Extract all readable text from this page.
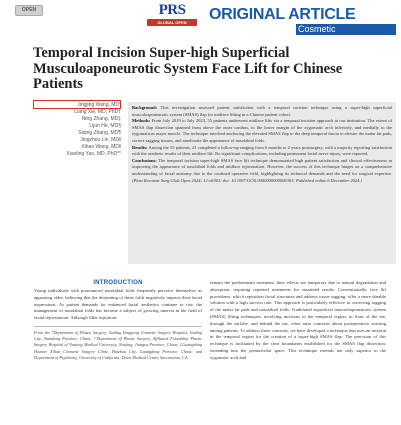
OPEN	PRS
GLOBAL OPEN	ORIGINAL ARTICLE
Cosmetic
Temporal Incision Super-high Superficial Musculoaponeurotic System Face Lift for Chinese Patients
Jingjing Wang, MD*
Liang Xie, MD, PhD†
Ning Zhang, MD‡
Lijun He, MD§
Siqing Zhang, MD¶
Jingzhou Lin, MD‖
Xihao Wang, MD‖
Xiaoling Yao, MD, PhD**
Background: This investigation assessed patient satisfaction with a temporal incision technique using a super-high superficial musculoaponeurotic system (SMAS) flap for midface lifting in a Chinese patient cohort.
Methods: From July 2019 to July 2023, 55 patients underwent midface lifts via a temporal incision approach at our institution. The extent of SMAS flap dissection spanned from above the outer canthus, to the lower margin of the zygomatic arch inferiorly, and medially to the zygomaticus major muscle. The technique involved anchoring the elevated SMAS flap to the deep temporal fascia to elevate the malar fat pads, correct sagging tissues, and ameliorate the appearance of nasolabial folds.
Results: Among the 55 patients, 41 completed a follow-up ranging from 6 months to 2 years postsurgery, with a majority reporting satisfaction with the aesthetic results of their midface lift. No significant complications, including permanent facial nerve injury, were reported.
Conclusions: The temporal incision super-high SMAS face lift technique demonstrated high patient satisfaction and clinical effectiveness in improving the appearance of nasolabial folds and midface rejuvenation. However, the success of this technique hinges on a comprehensive understanding of facial anatomy due to the confined operative field, highlighting its technical demands and the need for surgical expertise. (Plast Reconstr Surg Glob Open 2024; 12:e6363; doi: 10.1097/GOX.0000000000006363; Published online 6 December 2024.)
INTRODUCTION

Young individuals with pronounced nasolabial folds frequently perceive themselves as appearing older, believing that the deepening of these folds negatively impacts their facial expressions. As patient demands for enhanced facial aesthetics continue to rise, the management of nasolabial folds has become a subject of growing interest in the field of facial rejuvenation. Although filler injections

From the *Department of Plastic Surgery, Jiading Yangpeng Cosmetic Surgery Hospital, Jiading City, Shandong Province, China; †Department of Plastic Surgery, Affiliated Friendship Plastic Surgery Hospital of Nanjing Medical University, Nanjing, Jiangsu Province, China; ‡Guangdong Huamei Xilian Cosmetic Surgery Clinic, Huizhou City, Guangdong Province, China; and Department of Psychiatry, University of California, Davis Medical Center, Sacramento, CA.

remain the predominant treatment, their effects are temporary due to natural degradation and absorption, requiring repeated treatments for sustained results. Conventionally, face lift procedures, which reposition facial structures and address tissue sagging, offer a more durable solution with a high success rate. This approach is particularly effective in correcting sagging of the malar fat pads and nasolabial folds. Traditional superficial musculoaponeurotic system (SMAS) lifting techniques, involving incisions in the temporal region, in front of the ear, through the earlobe, and behind the ear, often raise concerns about postoperative scarring among patients. To address these concerns, we have developed a technique that uses an incision in the temporal region for the creation of a super-high SMAS flap. The precision of this technique is facilitated by the clear boundaries established for the SMAS flap dissection, extending into the preauricular space. This technique extends not only superior to the zygomatic arch and
